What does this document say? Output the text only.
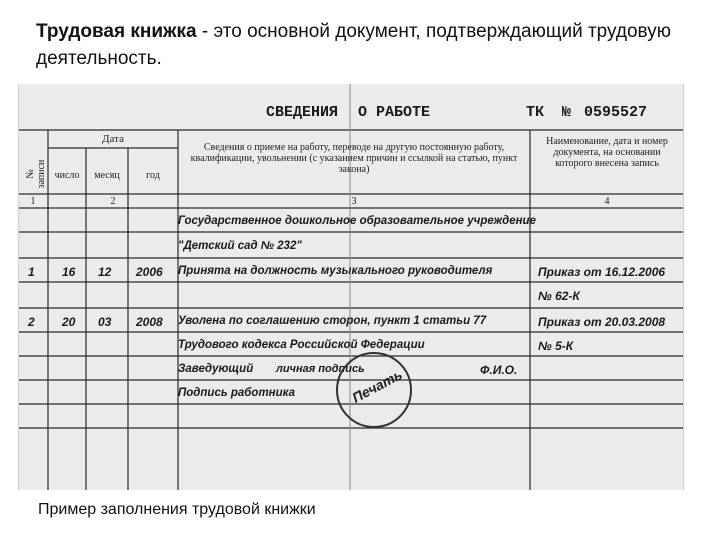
Трудовая книжка - это основной документ, подтверждающий трудовую деятельность.
СВЕДЕНИЯ О РАБОТЕ	ТК № 0595527
№ записи
Дата
число	месяц	год
Сведения о приеме на работу, переводе на другую постоянную работу, квалификации, увольнении (с указанием причин и ссылкой на статью, пункт закона)
Наименование, дата и номер документа, на основании которого внесена запись
1	2	3	4
Государственное дошкольное образовательное учреждение
"Детский сад № 232"
1 16 12 2006 Принята на должность музыкального руководителя	Приказ от 16.12.2006
№ 62-К
2 20 03 2008 Уволена по соглашению сторон, пункт 1 статьи 77	Приказ от 20.03.2008
№ 5-К
Трудового кодекса Российской Федерации
Заведующий личная подпись	Ф.И.О.
Подпись работника	Печать
Пример заполнения трудовой книжки
